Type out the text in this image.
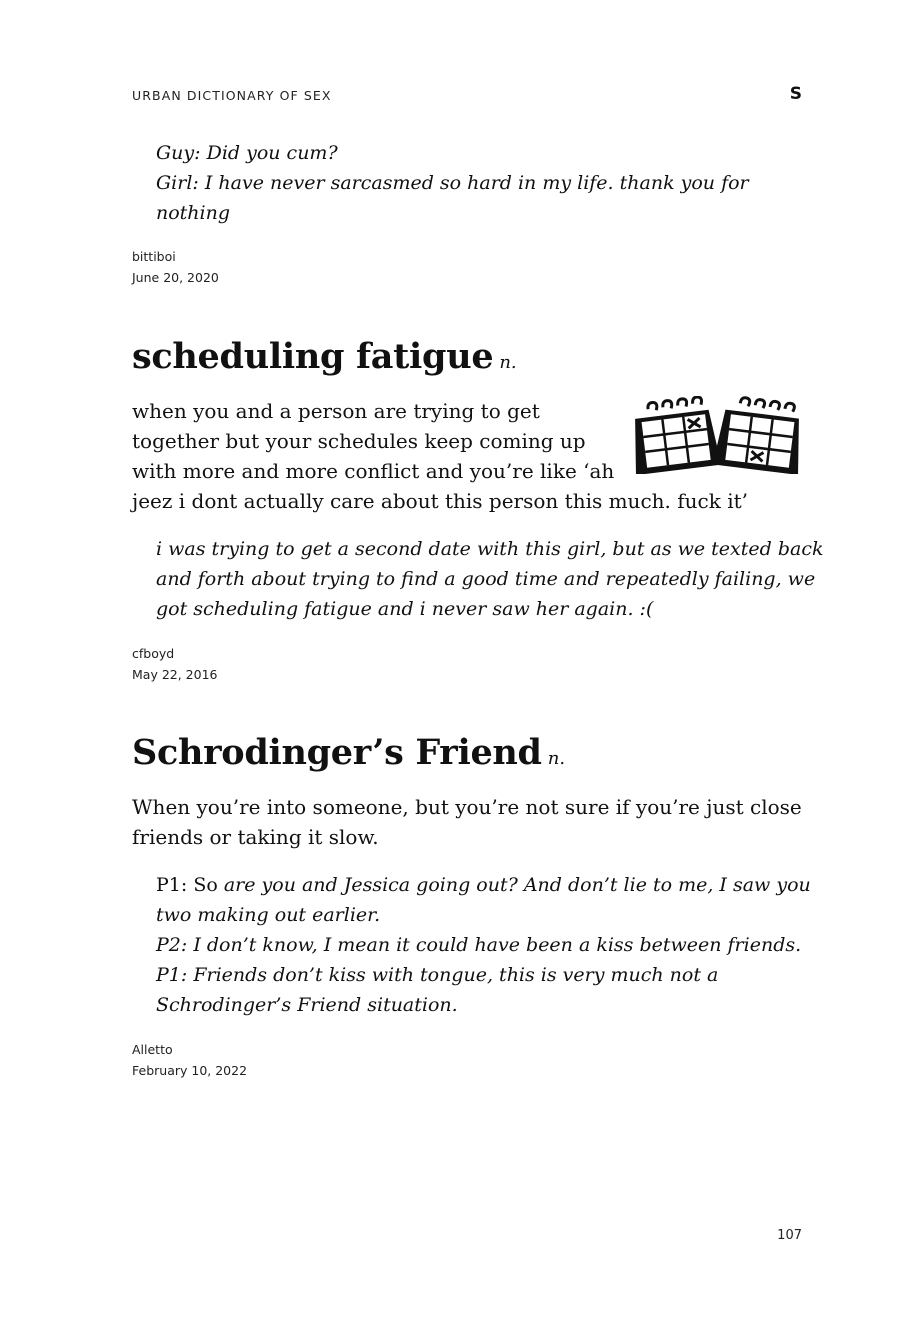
URBAN DICTIONARY OF SEX	S
Guy: Did you cum?
Girl: I have never sarcasmed so hard in my life. thank you for
nothing
bittiboi
June 20, 2020
scheduling fatigue n.
when you and a person are trying to get
together but your schedules keep coming up
with more and more conflict and you’re like ‘ah
jeez i dont actually care about this person this much. fuck it’
i was trying to get a second date with this girl, but as we texted back
and forth about trying to find a good time and repeatedly failing, we
got scheduling fatigue and i never saw her again. :(
cfboyd
May 22, 2016
Schrodinger’s Friend n.
When you’re into someone, but you’re not sure if you’re just close
friends or taking it slow.
P1: So are you and Jessica going out? And don’t lie to me, I saw you
two making out earlier.
P2: I don’t know, I mean it could have been a kiss between friends.
P1: Friends don’t kiss with tongue, this is very much not a
Schrodinger’s Friend situation.
Alletto
February 10, 2022
107
